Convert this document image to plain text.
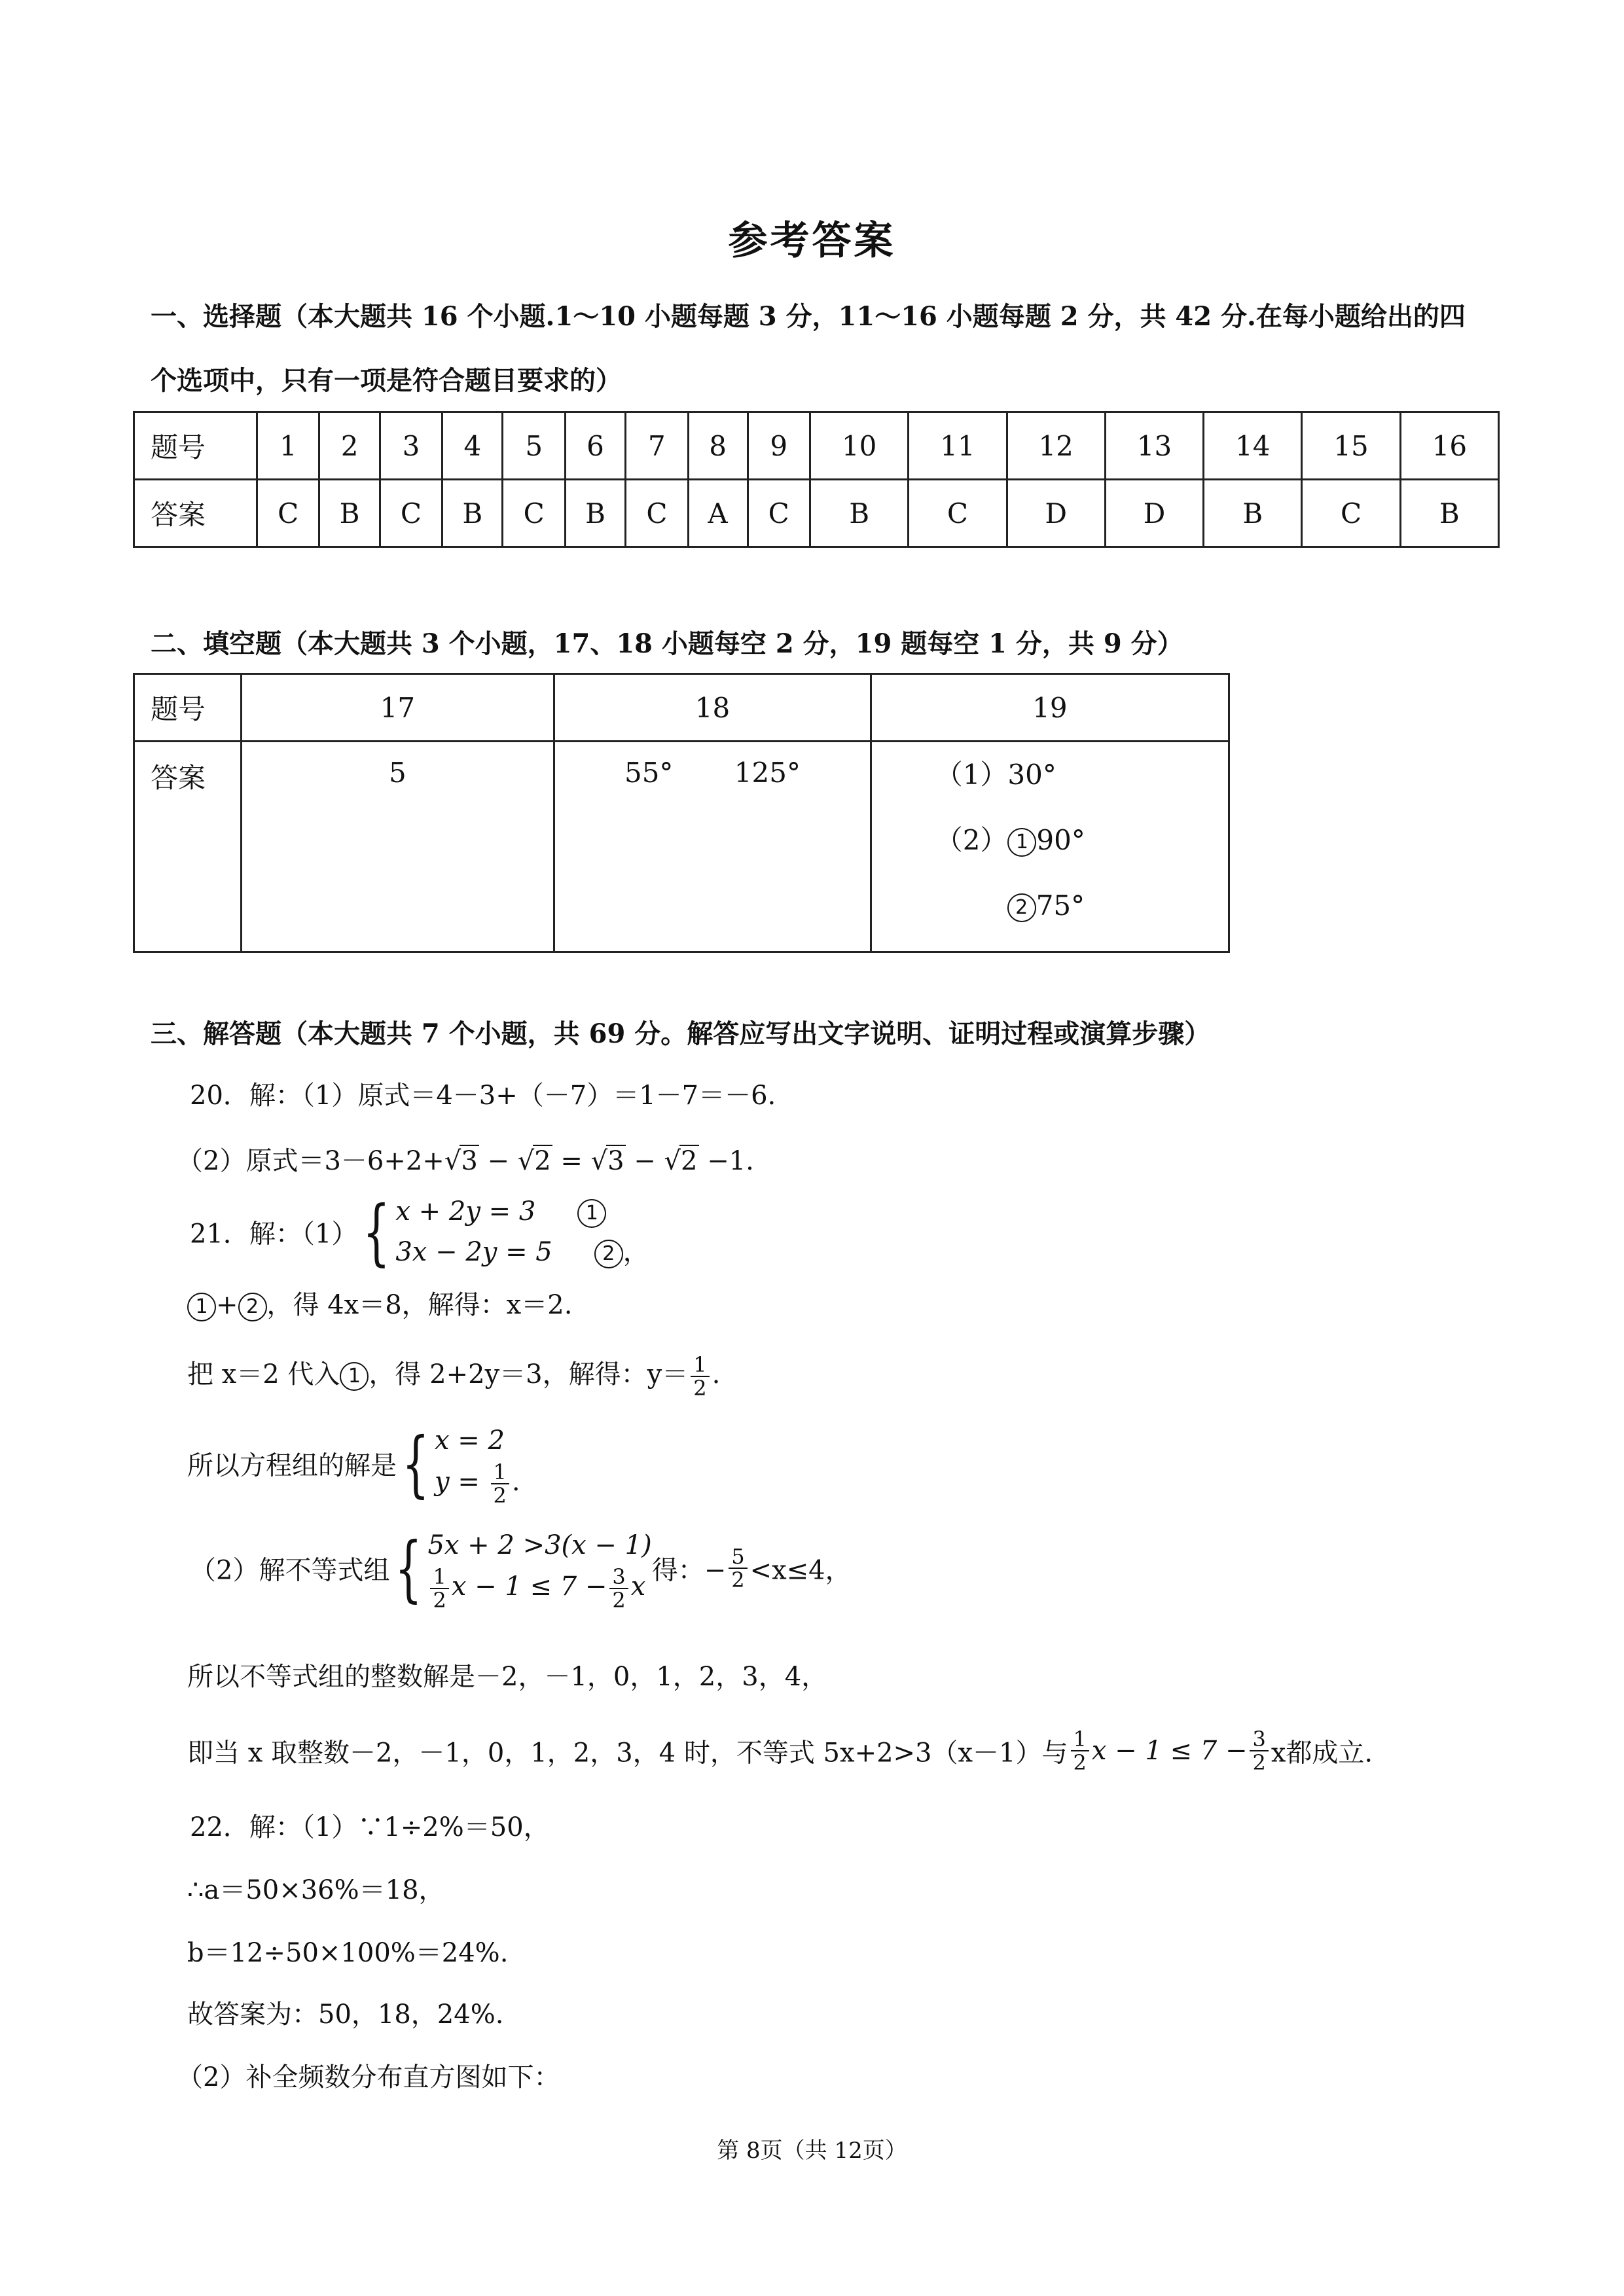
参考答案
一、选择题（本大题共 16 个小题.1～10 小题每题 3 分，11～16 小题每题 2 分，共 42 分.在每小题给出的四
个选项中，只有一项是符合题目要求的）
题号	1	2	3	4	5	6	7	8	9	10	11	12	13	14	15	16
答案	C	B	C	B	C	B	C	A	C	B	C	D	D	B	C	B
二、填空题（本大题共 3 个小题，17、18 小题每空 2 分，19 题每空 1 分，共 9 分）
题号	17	18	19
答案	5	55° 125°	（1）30°
（2） 1 90°
2 75°
三、解答题（本大题共 7 个小题，共 69 分。解答应写出文字说明、证明过程或演算步骤）
20．解：（1）原式＝4－3+（－7）＝1－7＝－6.
（2）原式＝3－6+2+√3 − √2 = √3 − √2 −1.
21．解：（1）{ x + 2y = 3	1
3x − 2y = 5	2 ，
1 + 2 ，得 4x＝8，解得：x＝2.
把 x＝2 代入 1 ，得 2+2y＝3，解得：$y= \frac{1}{2}$ .
所以方程组的解是{ x = 2
$y = \frac{1}{2}$ .
（2）解不等式组{ 5x + 2 >3(x − 1)
$\frac{1}{2}$ $x - 1 \le 7 - \frac{3}{2}$ x
得：− $\frac{5}{2} <x\le 4$，
所以不等式组的整数解是－2，－1，0，1，2，3，4，
即当 x 取整数－2，－1，0，1，2，3，4 时，不等式 5x+2>3（x－1）与 $\frac{1}{2}$ $x - 1 \le 7 - \frac{3}{2}$ x都成立.
22．解：（1）∵1÷2%＝50，
∴a＝50×36%＝18，
b＝12÷50×100%＝24%.
故答案为：50，18，24%.
（2）补全频数分布直方图如下：
第 8页（共 12页）
